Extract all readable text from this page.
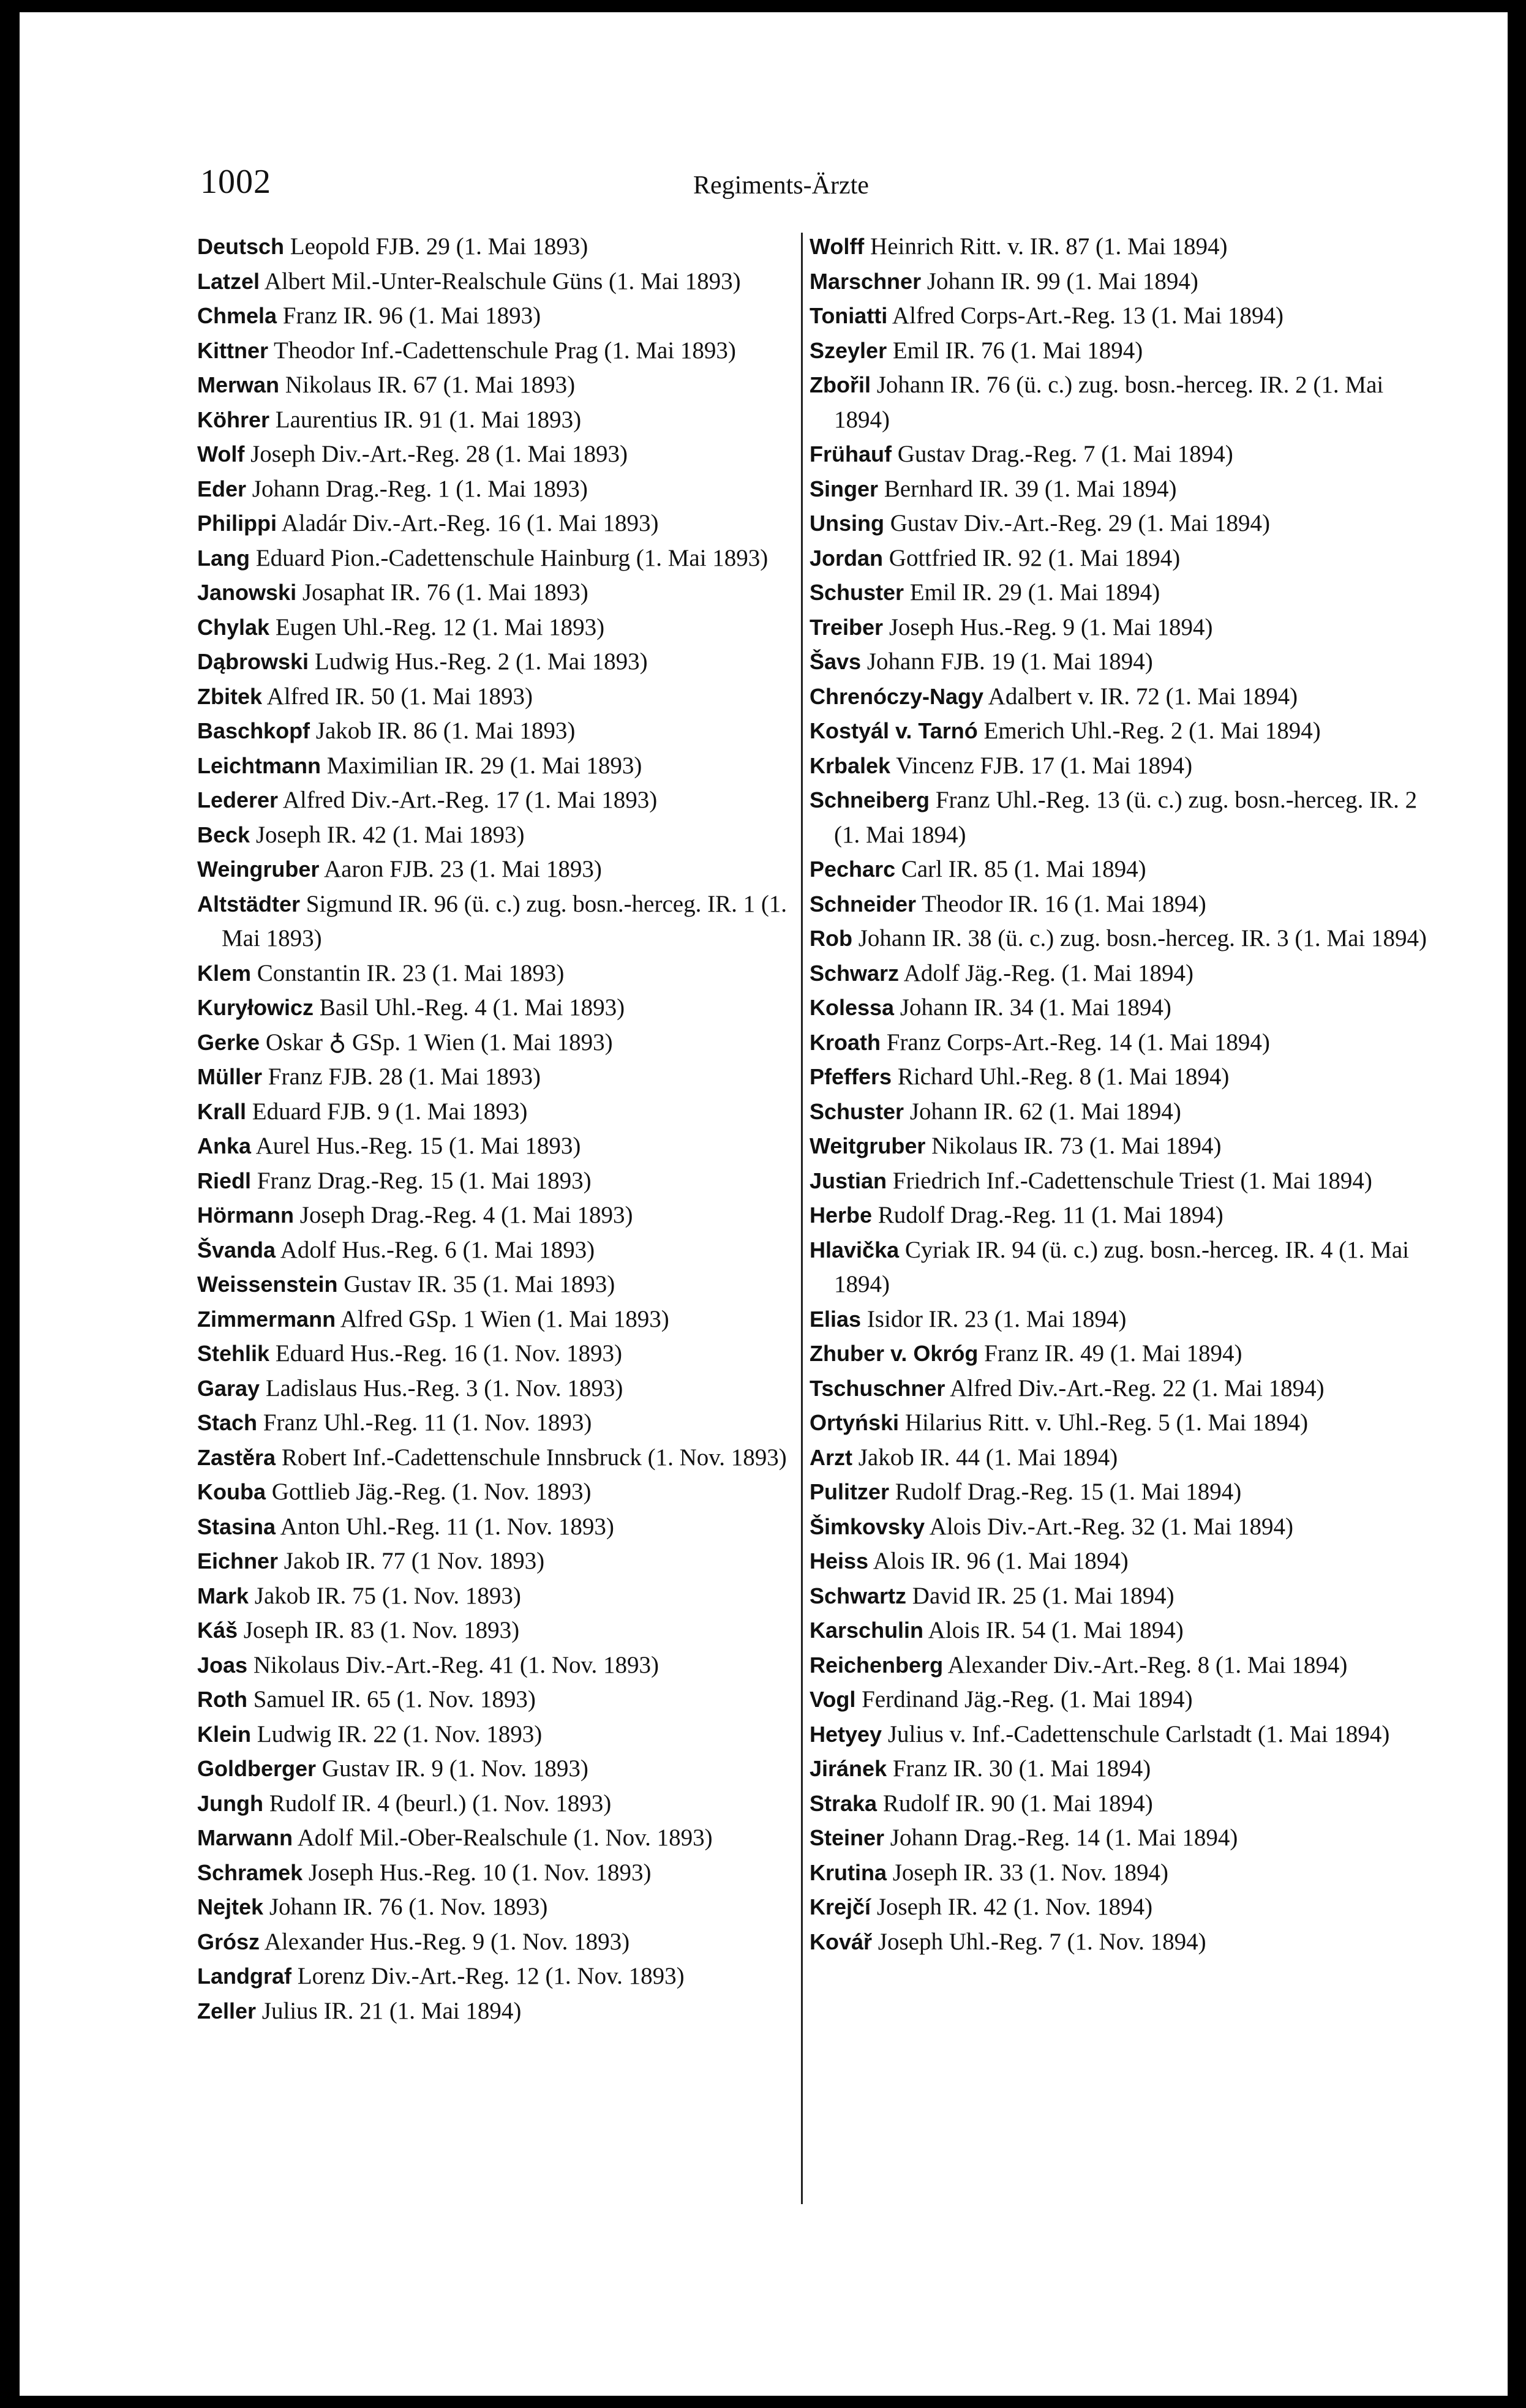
1002	Regiments-Ärzte

Deutsch Leopold FJB. 29 (1. Mai 1893)

Latzel Albert Mil.-Unter-Realschule Güns (1. Mai 1893)

Chmela Franz IR. 96 (1. Mai 1893)

Kittner Theodor Inf.-Cadettenschule Prag (1. Mai 1893)

Merwan Nikolaus IR. 67 (1. Mai 1893)

Köhrer Laurentius IR. 91 (1. Mai 1893)

Wolf Joseph Div.-Art.-Reg. 28 (1. Mai 1893)

Eder Johann Drag.-Reg. 1 (1. Mai 1893)

Philippi Aladár Div.-Art.-Reg. 16 (1. Mai 1893)

Lang Eduard Pion.-Cadettenschule Hainburg (1. Mai 1893)

Janowski Josaphat IR. 76 (1. Mai 1893)

Chylak Eugen Uhl.-Reg. 12 (1. Mai 1893)

Dąbrowski Ludwig Hus.-Reg. 2 (1. Mai 1893)

Zbitek Alfred IR. 50 (1. Mai 1893)

Baschkopf Jakob IR. 86 (1. Mai 1893)

Leichtmann Maximilian IR. 29 (1. Mai 1893)

Lederer Alfred Div.-Art.-Reg. 17 (1. Mai 1893)

Beck Joseph IR. 42 (1. Mai 1893)

Weingruber Aaron FJB. 23 (1. Mai 1893)

Altstädter Sigmund IR. 96 (ü. c.) zug. bosn.-herceg. IR. 1 (1. Mai 1893)

Klem Constantin IR. 23 (1. Mai 1893)

Kuryłowicz Basil Uhl.-Reg. 4 (1. Mai 1893)

Gerke Oskar ♁ GSp. 1 Wien (1. Mai 1893)

Müller Franz FJB. 28 (1. Mai 1893)

Krall Eduard FJB. 9 (1. Mai 1893)

Anka Aurel Hus.-Reg. 15 (1. Mai 1893)

Riedl Franz Drag.-Reg. 15 (1. Mai 1893)

Hörmann Joseph Drag.-Reg. 4 (1. Mai 1893)

Švanda Adolf Hus.-Reg. 6 (1. Mai 1893)

Weissenstein Gustav IR. 35 (1. Mai 1893)

Zimmermann Alfred GSp. 1 Wien (1. Mai 1893)

Stehlik Eduard Hus.-Reg. 16 (1. Nov. 1893)

Garay Ladislaus Hus.-Reg. 3 (1. Nov. 1893)

Stach Franz Uhl.-Reg. 11 (1. Nov. 1893)

Zastěra Robert Inf.-Cadettenschule Innsbruck (1. Nov. 1893)

Kouba Gottlieb Jäg.-Reg. (1. Nov. 1893)

Stasina Anton Uhl.-Reg. 11 (1. Nov. 1893)

Eichner Jakob IR. 77 (1 Nov. 1893)

Mark Jakob IR. 75 (1. Nov. 1893)

Káš Joseph IR. 83 (1. Nov. 1893)

Joas Nikolaus Div.-Art.-Reg. 41 (1. Nov. 1893)

Roth Samuel IR. 65 (1. Nov. 1893)

Klein Ludwig IR. 22 (1. Nov. 1893)

Goldberger Gustav IR. 9 (1. Nov. 1893)

Jungh Rudolf IR. 4 (beurl.) (1. Nov. 1893)

Marwann Adolf Mil.-Ober-Realschule (1. Nov. 1893)

Schramek Joseph Hus.-Reg. 10 (1. Nov. 1893)

Nejtek Johann IR. 76 (1. Nov. 1893)

Grósz Alexander Hus.-Reg. 9 (1. Nov. 1893)

Landgraf Lorenz Div.-Art.-Reg. 12 (1. Nov. 1893)

Zeller Julius IR. 21 (1. Mai 1894)

Wolff Heinrich Ritt. v. IR. 87 (1. Mai 1894)

Marschner Johann IR. 99 (1. Mai 1894)

Toniatti Alfred Corps-Art.-Reg. 13 (1. Mai 1894)

Szeyler Emil IR. 76 (1. Mai 1894)

Zbořil Johann IR. 76 (ü. c.) zug. bosn.-herceg. IR. 2 (1. Mai 1894)

Frühauf Gustav Drag.-Reg. 7 (1. Mai 1894)

Singer Bernhard IR. 39 (1. Mai 1894)

Unsing Gustav Div.-Art.-Reg. 29 (1. Mai 1894)

Jordan Gottfried IR. 92 (1. Mai 1894)

Schuster Emil IR. 29 (1. Mai 1894)

Treiber Joseph Hus.-Reg. 9 (1. Mai 1894)

Šavs Johann FJB. 19 (1. Mai 1894)

Chrenóczy-Nagy Adalbert v. IR. 72 (1. Mai 1894)

Kostyál v. Tarnó Emerich Uhl.-Reg. 2 (1. Mai 1894)

Krbalek Vincenz FJB. 17 (1. Mai 1894)

Schneiberg Franz Uhl.-Reg. 13 (ü. c.) zug. bosn.-herceg. IR. 2 (1. Mai 1894)

Pecharc Carl IR. 85 (1. Mai 1894)

Schneider Theodor IR. 16 (1. Mai 1894)

Rob Johann IR. 38 (ü. c.) zug. bosn.-herceg. IR. 3 (1. Mai 1894)

Schwarz Adolf Jäg.-Reg. (1. Mai 1894)

Kolessa Johann IR. 34 (1. Mai 1894)

Kroath Franz Corps-Art.-Reg. 14 (1. Mai 1894)

Pfeffers Richard Uhl.-Reg. 8 (1. Mai 1894)

Schuster Johann IR. 62 (1. Mai 1894)

Weitgruber Nikolaus IR. 73 (1. Mai 1894)

Justian Friedrich Inf.-Cadettenschule Triest (1. Mai 1894)

Herbe Rudolf Drag.-Reg. 11 (1. Mai 1894)

Hlavička Cyriak IR. 94 (ü. c.) zug. bosn.-herceg. IR. 4 (1. Mai 1894)

Elias Isidor IR. 23 (1. Mai 1894)

Zhuber v. Okróg Franz IR. 49 (1. Mai 1894)

Tschuschner Alfred Div.-Art.-Reg. 22 (1. Mai 1894)

Ortyński Hilarius Ritt. v. Uhl.-Reg. 5 (1. Mai 1894)

Arzt Jakob IR. 44 (1. Mai 1894)

Pulitzer Rudolf Drag.-Reg. 15 (1. Mai 1894)

Šimkovsky Alois Div.-Art.-Reg. 32 (1. Mai 1894)

Heiss Alois IR. 96 (1. Mai 1894)

Schwartz David IR. 25 (1. Mai 1894)

Karschulin Alois IR. 54 (1. Mai 1894)

Reichenberg Alexander Div.-Art.-Reg. 8 (1. Mai 1894)

Vogl Ferdinand Jäg.-Reg. (1. Mai 1894)

Hetyey Julius v. Inf.-Cadettenschule Carlstadt (1. Mai 1894)

Jiránek Franz IR. 30 (1. Mai 1894)

Straka Rudolf IR. 90 (1. Mai 1894)

Steiner Johann Drag.-Reg. 14 (1. Mai 1894)

Krutina Joseph IR. 33 (1. Nov. 1894)

Krejčí Joseph IR. 42 (1. Nov. 1894)

Kovář Joseph Uhl.-Reg. 7 (1. Nov. 1894)
